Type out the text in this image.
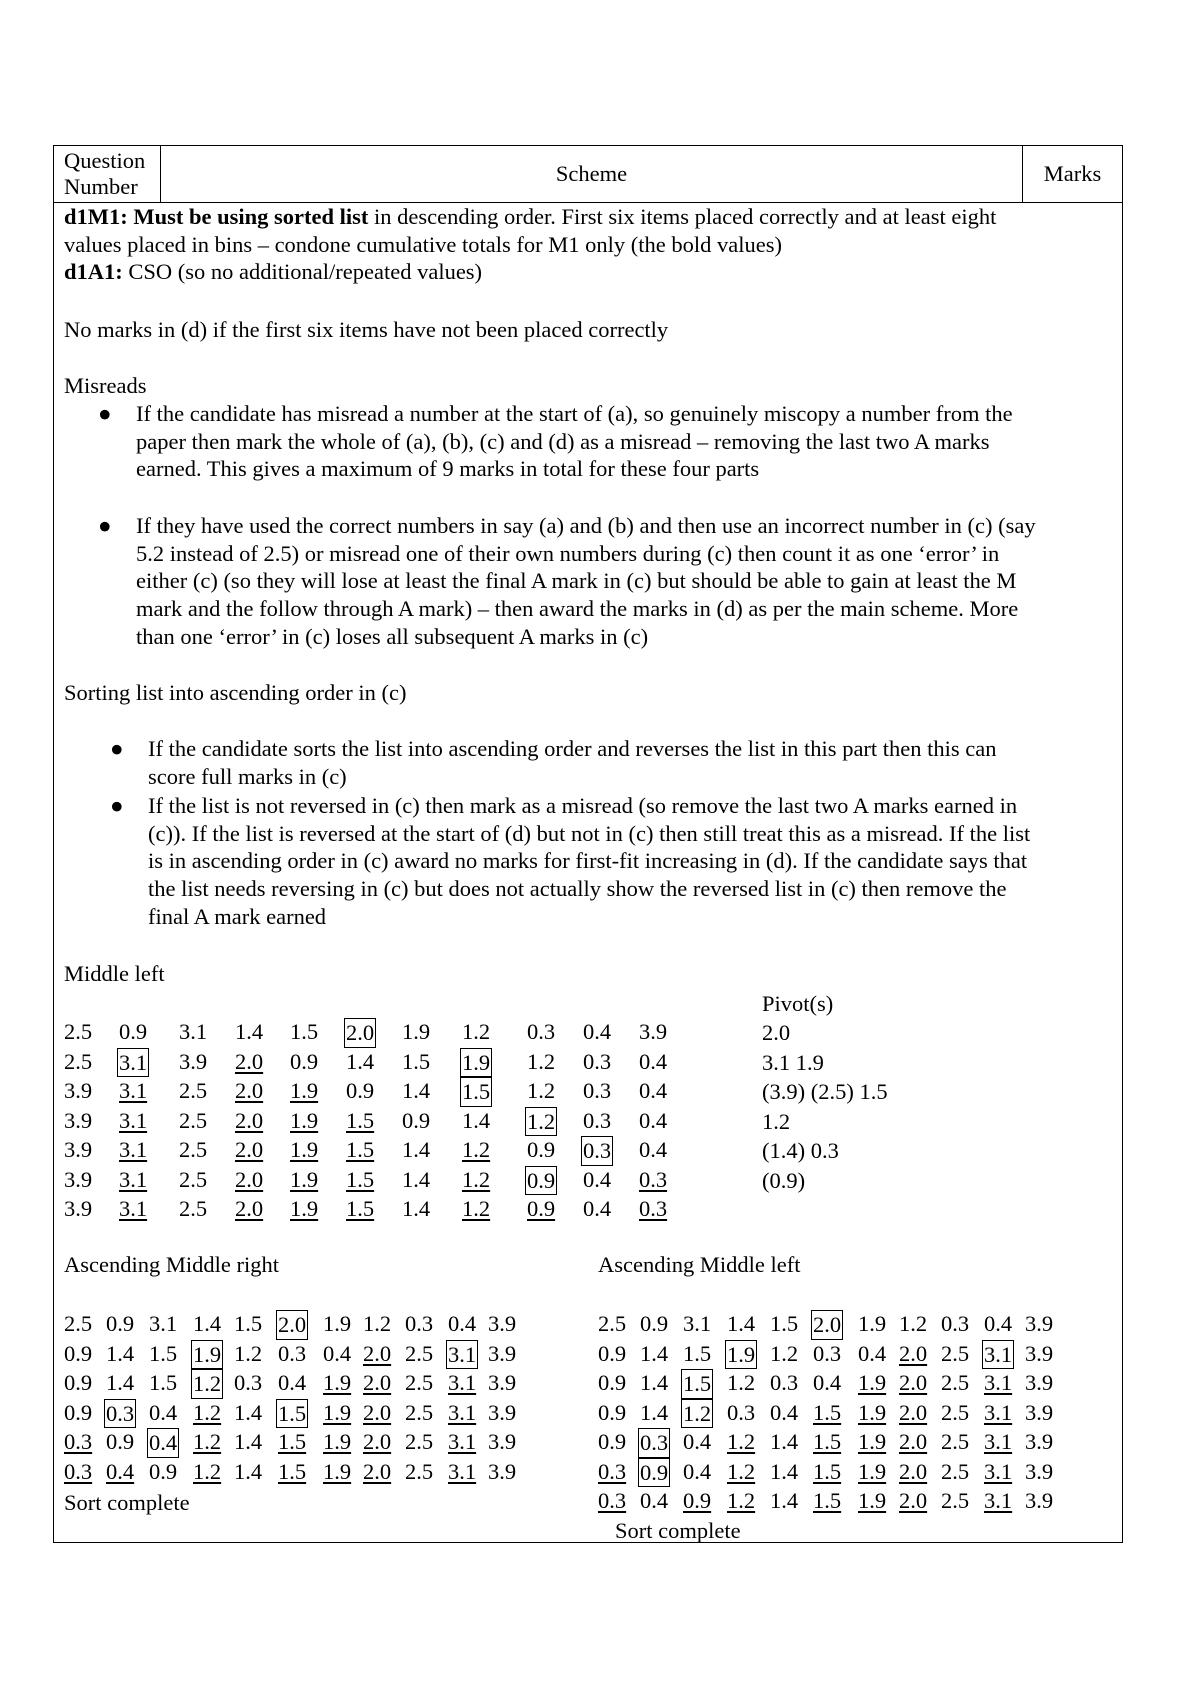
Question
Number
Scheme	Marks
d1M1: Must be using sorted list in descending order. First six items placed correctly and at least eight
values placed in bins – condone cumulative totals for M1 only (the bold values)
d1A1: CSO (so no additional/repeated values)
No marks in (d) if the first six items have not been placed correctly
Misreads
● If the candidate has misread a number at the start of (a), so genuinely miscopy a number from the
paper then mark the whole of (a), (b), (c) and (d) as a misread – removing the last two A marks
earned. This gives a maximum of 9 marks in total for these four parts
● If they have used the correct numbers in say (a) and (b) and then use an incorrect number in (c) (say
5.2 instead of 2.5) or misread one of their own numbers during (c) then count it as one ‘error’ in
either (c) (so they will lose at least the final A mark in (c) but should be able to gain at least the M
mark and the follow through A mark) – then award the marks in (d) as per the main scheme. More
than one ‘error’ in (c) loses all subsequent A marks in (c)
Sorting list into ascending order in (c)
● If the candidate sorts the list into ascending order and reverses the list in this part then this can
score full marks in (c)
● If the list is not reversed in (c) then mark as a misread (so remove the last two A marks earned in
(c)). If the list is reversed at the start of (d) but not in (c) then still treat this as a misread. If the list
is in ascending order in (c) award no marks for first-fit increasing in (d). If the candidate says that
the list needs reversing in (c) but does not actually show the reversed list in (c) then remove the
final A mark earned
Middle left
Pivot(s)
2.0
3.1 1.9
(3.9) (2.5) 1.5
1.2
(1.4) 0.3
(0.9)
2.5 0.9 3.1 1.4 1.5 2.0 1.9 1.2 0.3 0.4 3.9
2.5 3.1 3.9 2.0 0.9 1.4 1.5 1.9 1.2 0.3 0.4
3.9 3.1 2.5 2.0 1.9 0.9 1.4 1.5 1.2 0.3 0.4
3.9 3.1 2.5 2.0 1.9 1.5 0.9 1.4 1.2 0.3 0.4
3.9 3.1 2.5 2.0 1.9 1.5 1.4 1.2 0.9 0.3 0.4
3.9 3.1 2.5 2.0 1.9 1.5 1.4 1.2 0.9 0.4 0.3
3.9 3.1 2.5 2.0 1.9 1.5 1.4 1.2 0.9 0.4 0.3
Ascending Middle right
2.5 0.9 3.1 1.4 1.5 2.0 1.9 1.2 0.3 0.4 3.9
0.9 1.4 1.5 1.9 1.2 0.3 0.4 2.0 2.5 3.1 3.9
0.9 1.4 1.5 1.2 0.3 0.4 1.9 2.0 2.5 3.1 3.9
0.9 0.3 0.4 1.2 1.4 1.5 1.9 2.0 2.5 3.1 3.9
0.3 0.9 0.4 1.2 1.4 1.5 1.9 2.0 2.5 3.1 3.9
0.3 0.4 0.9 1.2 1.4 1.5 1.9 2.0 2.5 3.1 3.9
Sort complete
Ascending Middle left
2.5 0.9 3.1 1.4 1.5 2.0 1.9 1.2 0.3 0.4 3.9
0.9 1.4 1.5 1.9 1.2 0.3 0.4 2.0 2.5 3.1 3.9
0.9 1.4 1.5 1.2 0.3 0.4 1.9 2.0 2.5 3.1 3.9
0.9 1.4 1.2 0.3 0.4 1.5 1.9 2.0 2.5 3.1 3.9
0.9 0.3 0.4 1.2 1.4 1.5 1.9 2.0 2.5 3.1 3.9
0.3 0.9 0.4 1.2 1.4 1.5 1.9 2.0 2.5 3.1 3.9
0.3 0.4 0.9 1.2 1.4 1.5 1.9 2.0 2.5 3.1 3.9
Sort complete
